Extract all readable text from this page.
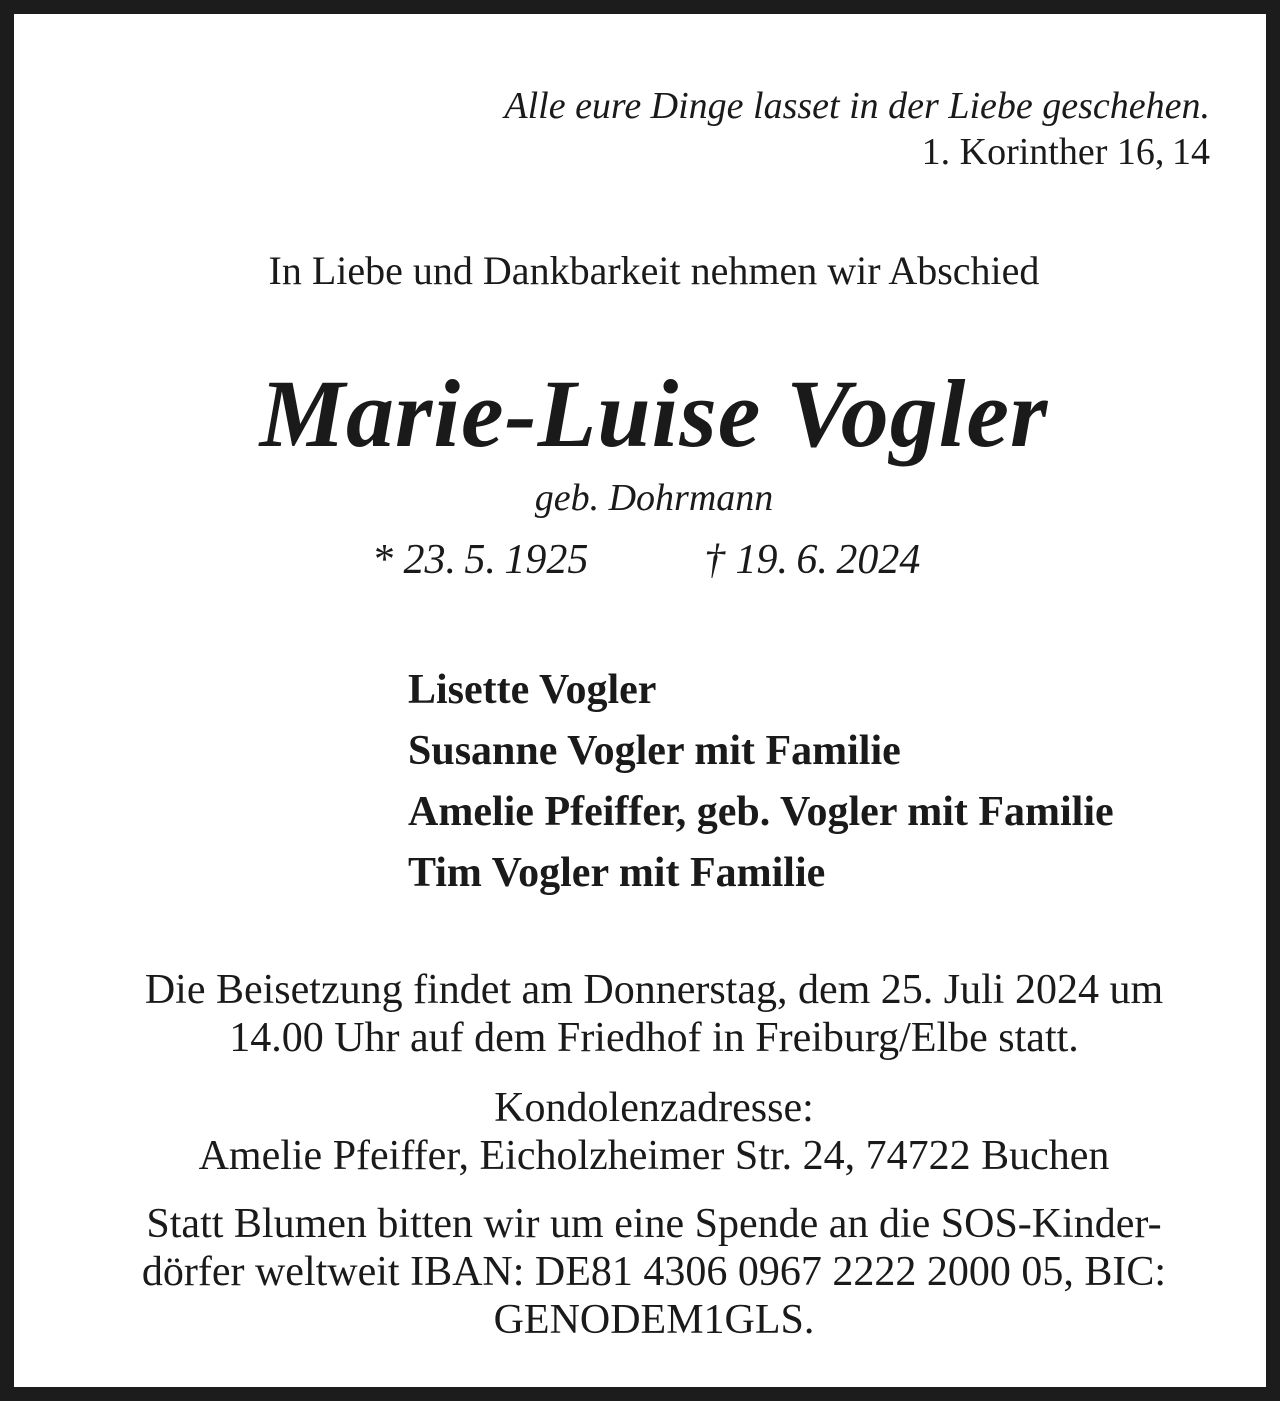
Alle eure Dinge lasset in der Liebe geschehen.
1. Korinther 16, 14
In Liebe und Dankbarkeit nehmen wir Abschied
Marie-Luise Vogler
geb. Dohrmann
* 23. 5. 1925	† 19. 6. 2024
Lisette Vogler
Susanne Vogler mit Familie
Amelie Pfeiffer, geb. Vogler mit Familie
Tim Vogler mit Familie
Die Beisetzung findet am Donnerstag, dem 25. Juli 2024 um
14.00 Uhr auf dem Friedhof in Freiburg/Elbe statt.
Kondolenzadresse:
Amelie Pfeiffer, Eicholzheimer Str. 24, 74722 Buchen
Statt Blumen bitten wir um eine Spende an die SOS-Kinder-
dörfer weltweit IBAN: DE81 4306 0967 2222 2000 05, BIC:
GENODEM1GLS.
